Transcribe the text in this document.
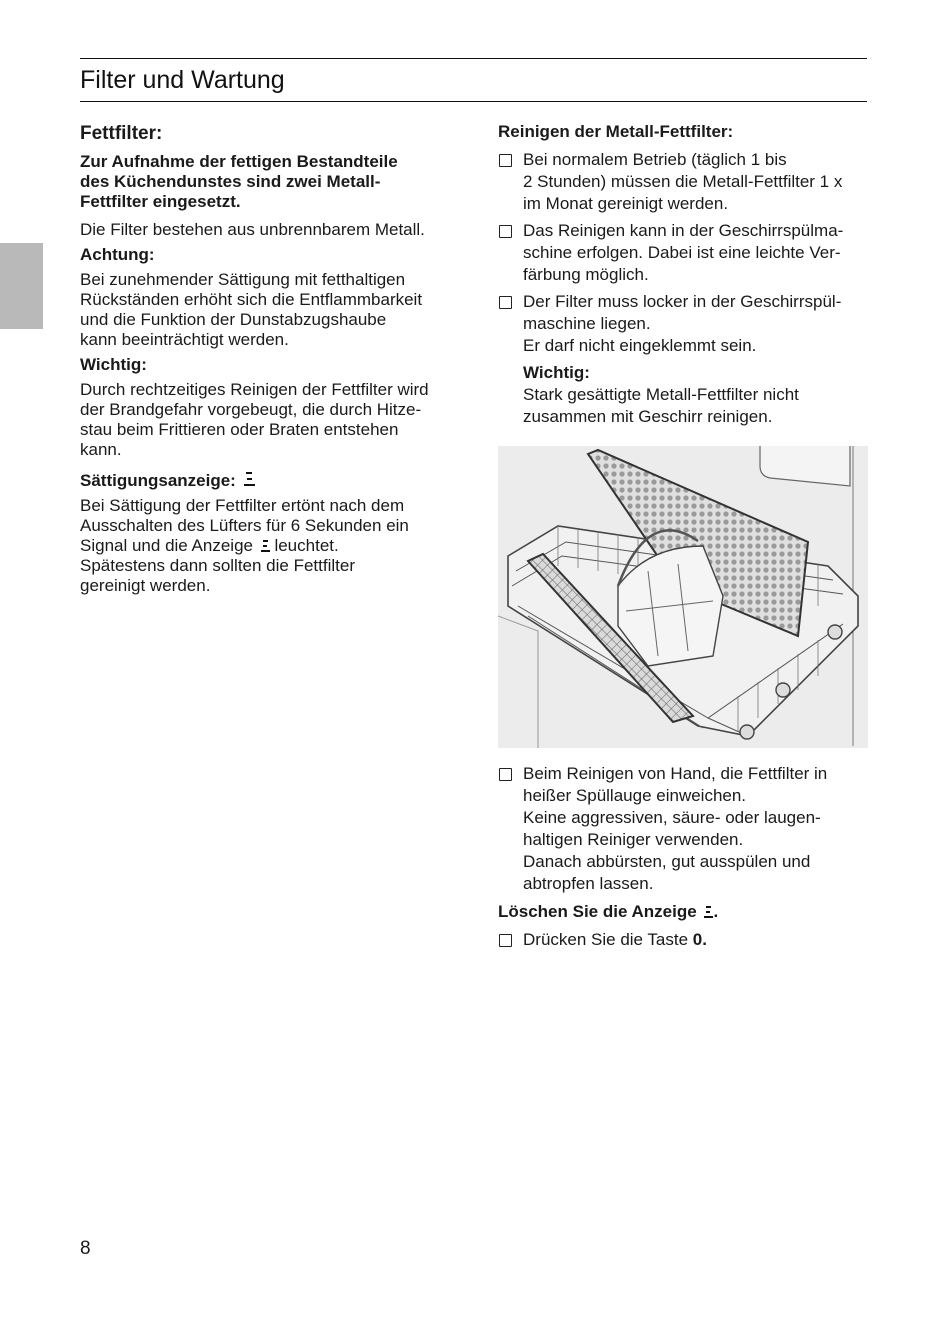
Filter und Wartung
Fettfilter:
Zur Aufnahme der fettigen Bestandteile
des Küchendunstes sind zwei Metall-
Fettfilter eingesetzt.

Die Filter bestehen aus unbrennbarem Metall.

Achtung:

Bei zunehmender Sättigung mit fetthaltigen
Rückständen erhöht sich die Entflammbarkeit
und die Funktion der Dunstabzugshaube
kann beeinträchtigt werden.

Wichtig:

Durch rechtzeitiges Reinigen der Fettfilter wird
der Brandgefahr vorgebeugt, die durch Hitze-
stau beim Frittieren oder Braten entstehen
kann.

Sättigungsanzeige:

Bei Sättigung der Fettfilter ertönt nach dem
Ausschalten des Lüfters für 6 Sekunden ein
Signal und die Anzeige leuchtet.
Spätestens dann sollten die Fettfilter
gereinigt werden.

Reinigen der Metall-Fettfilter:
Bei normalem Betrieb (täglich 1 bis
2 Stunden) müssen die Metall-Fettfilter 1 x
im Monat gereinigt werden.
Das Reinigen kann in der Geschirrspülma-
schine erfolgen. Dabei ist eine leichte Ver-
färbung möglich.
Der Filter muss locker in der Geschirrspül-
maschine liegen.
Er darf nicht eingeklemmt sein.
Wichtig:
Stark gesättigte Metall-Fettfilter nicht
zusammen mit Geschirr reinigen.
Beim Reinigen von Hand, die Fettfilter in
heißer Spüllauge einweichen.
Keine aggressiven, säure- oder laugen-
haltigen Reiniger verwenden.
Danach abbürsten, gut ausspülen und
abtropfen lassen.
Löschen Sie die Anzeige .
Drücken Sie die Taste 0.
8
